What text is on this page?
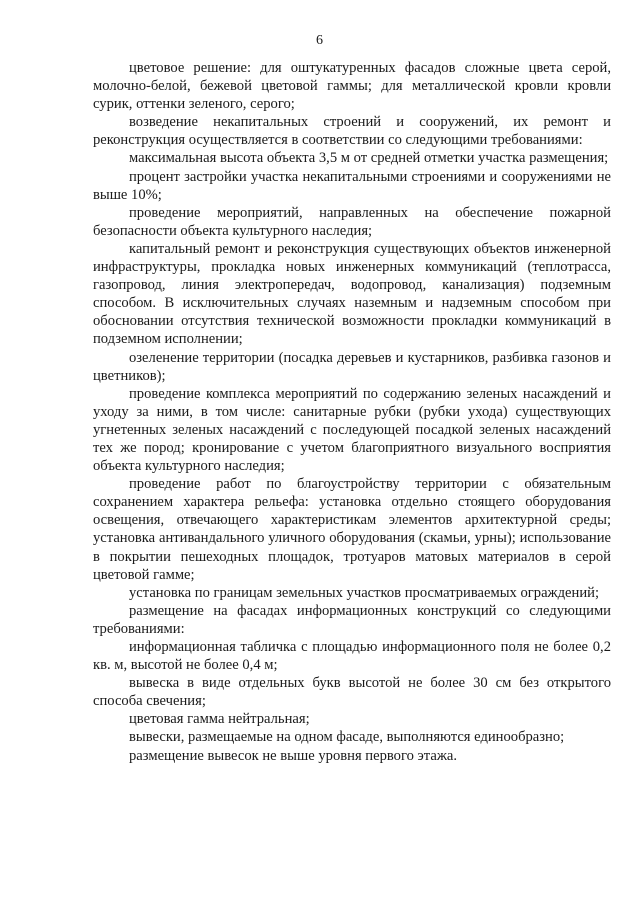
6

цветовое решение: для оштукатуренных фасадов сложные цвета серой, молочно-белой, бежевой цветовой гаммы; для металлической кровли кровли сурик, оттенки зеленого, серого;

возведение некапитальных строений и сооружений, их ремонт и реконструкция осуществляется в соответствии со следующими требованиями:

максимальная высота объекта 3,5 м от средней отметки участка размещения;

процент застройки участка некапитальными строениями и сооружениями не выше 10%;

проведение мероприятий, направленных на обеспечение пожарной безопасности объекта культурного наследия;

капитальный ремонт и реконструкция существующих объектов инженерной инфраструктуры, прокладка новых инженерных коммуникаций (теплотрасса, газопровод, линия электропередач, водопровод, канализация) подземным способом. В исключительных случаях наземным и надземным способом при обосновании отсутствия технической возможности прокладки коммуникаций в подземном исполнении;

озеленение территории (посадка деревьев и кустарников, разбивка газонов и цветников);

проведение комплекса мероприятий по содержанию зеленых насаждений и уходу за ними, в том числе: санитарные рубки (рубки ухода) существующих угнетенных зеленых насаждений с последующей посадкой зеленых насаждений тех же пород; кронирование с учетом благоприятного визуального восприятия объекта культурного наследия;

проведение работ по благоустройству территории с обязательным сохранением характера рельефа: установка отдельно стоящего оборудования освещения, отвечающего характеристикам элементов архитектурной среды; установка антивандального уличного оборудования (скамьи, урны); использование в покрытии пешеходных площадок, тротуаров матовых материалов в серой цветовой гамме;

установка по границам земельных участков просматриваемых ограждений;

размещение на фасадах информационных конструкций со следующими требованиями:

информационная табличка с площадью информационного поля не более 0,2 кв. м, высотой не более 0,4 м;

вывеска в виде отдельных букв высотой не более 30 см без открытого способа свечения;

цветовая гамма нейтральная;

вывески, размещаемые на одном фасаде, выполняются единообразно;

размещение вывесок не выше уровня первого этажа.
